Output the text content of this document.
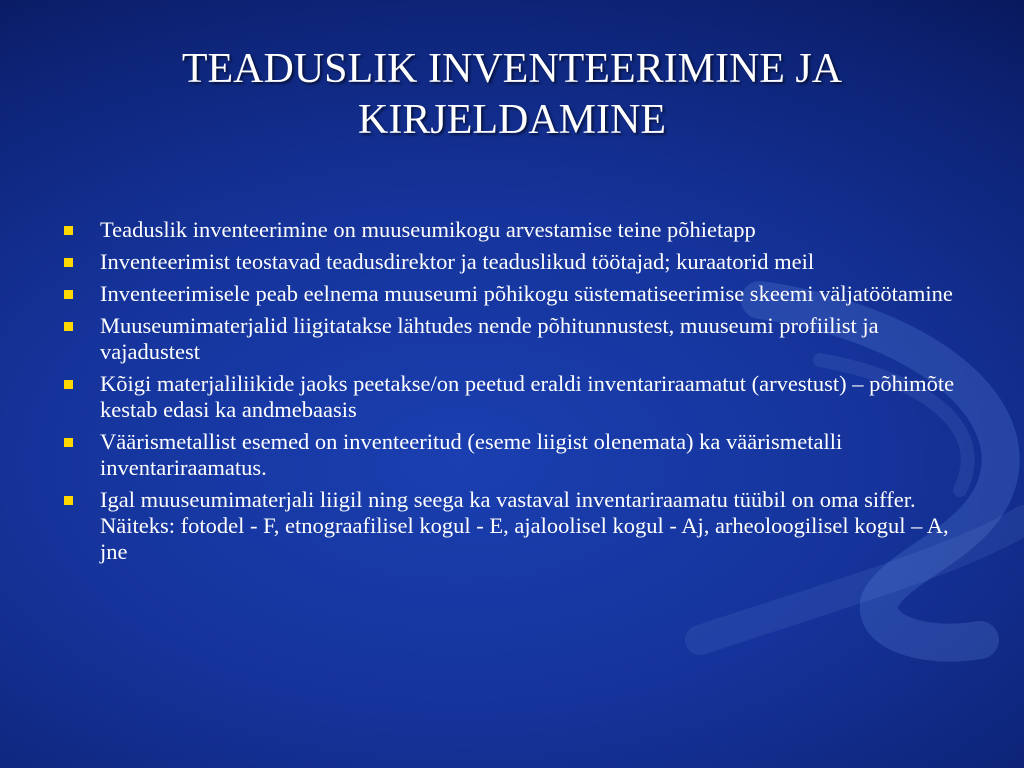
TEADUSLIK INVENTEERIMINE JA KIRJELDAMINE
Teaduslik inventeerimine on muuseumikogu arvestamise teine põhietapp
Inventeerimist teostavad teadusdirektor ja teaduslikud töötajad; kuraatorid meil
Inventeerimisele peab eelnema muuseumi põhikogu süstematiseerimise skeemi väljatöötamine
Muuseumimaterjalid liigitatakse lähtudes nende põhitunnustest, muuseumi profiilist ja vajadustest
Kõigi materjaliliikide jaoks peetakse/on peetud eraldi inventariraamatut (arvestust) – põhimõte kestab edasi ka andmebaasis
Väärismetallist esemed on inventeeritud (eseme liigist olenemata) ka väärismetalli inventariraamatus.
Igal muuseumimaterjali liigil ning seega ka vastaval inventariraamatu tüübil on oma siffer. Näiteks: fotodel - F, etnograafilisel kogul - E, ajaloolisel kogul - Aj, arheoloogilisel kogul – A, jne
